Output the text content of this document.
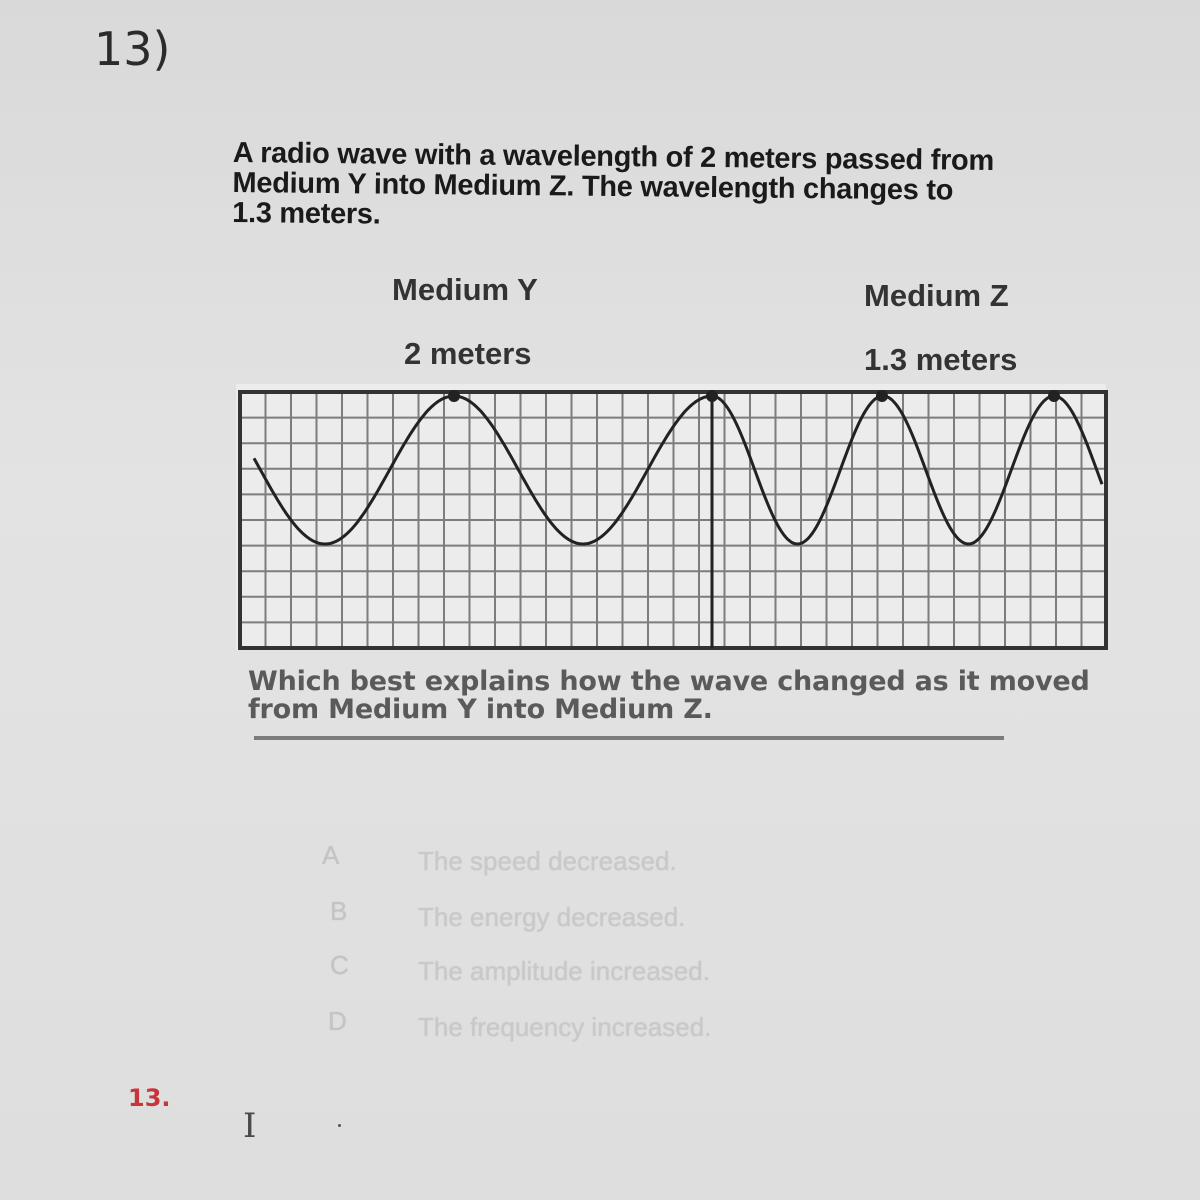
13)
A radio wave with a wavelength of 2 meters passed from
Medium Y into Medium Z. The wavelength changes to
1.3 meters.
Medium Y	Medium Z
2 meters	1.3 meters
Which best explains how the wave changed as it moved
from Medium Y into Medium Z.
A	The speed decreased.
B	The energy decreased.
C	The amplitude increased.
D	The frequency increased.
13.
I
